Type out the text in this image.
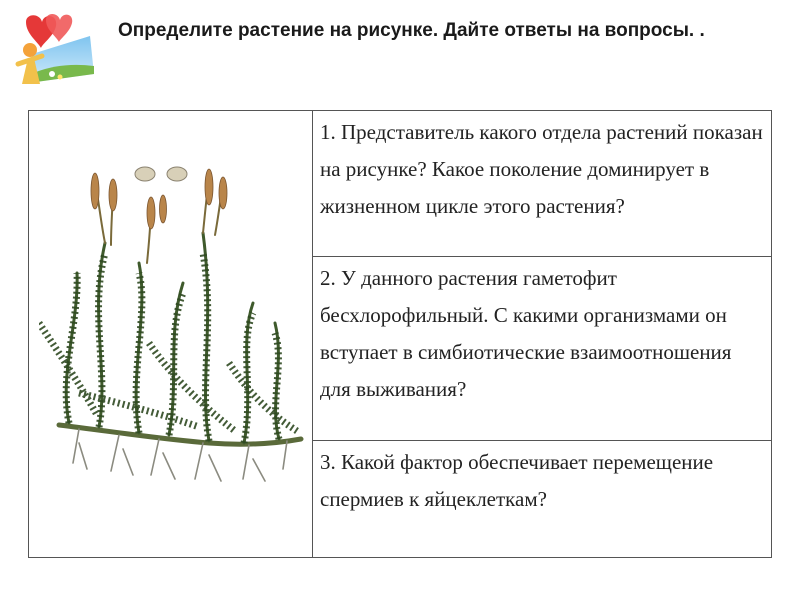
Определите растение на рисунке. Дайте ответы на вопросы. .
	1. Представитель какого отдела растений показан на рисунке? Какое поколение доминирует в жизненном цикле этого растения?
2. У данного растения гаметофит бесхлорофильный. С какими организмами он вступает в симбиотические взаимоотношения для выживания?
3. Какой фактор обеспечивает перемещение спермиев к яйцеклеткам?
